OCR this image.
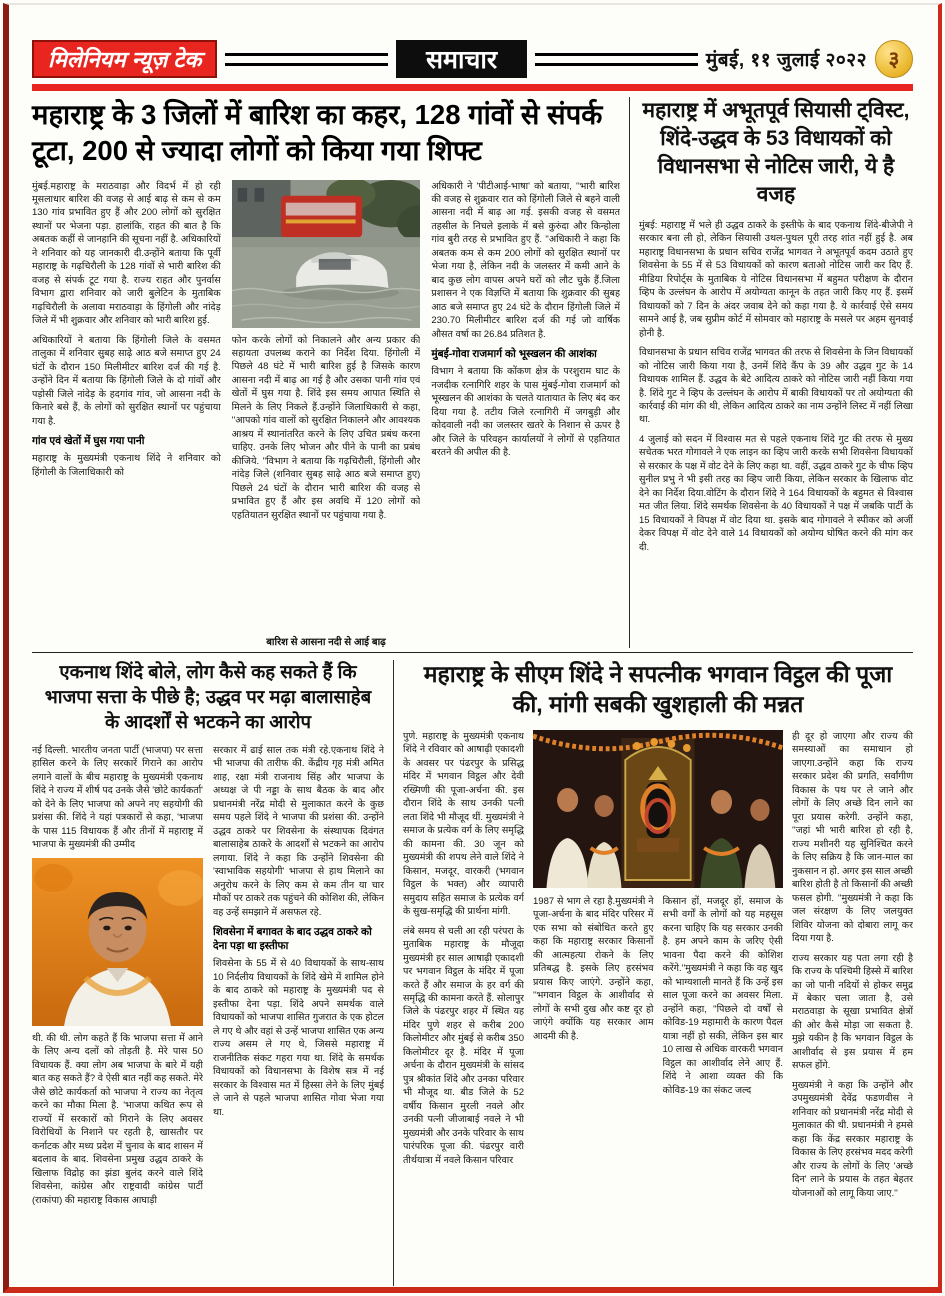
मिलेनियम न्यूज़ टेक	समाचार	मुंबई, ११ जुलाई २०२२	३
महाराष्ट्र के 3 जिलों में बारिश का कहर, 128 गांवों से संपर्क टूटा, 200 से ज्यादा लोगों को किया गया शिफ्ट

मुंबई.महाराष्ट्र के मराठवाड़ा और विदर्भ में हो रही मूसलाधार बारिश की वजह से आई बाढ़ से कम से कम 130 गांव प्रभावित हुए हैं और 200 लोगों को सुरक्षित स्थानों पर भेजना पड़ा. हालांकि, राहत की बात है कि अबतक कहीं से जानहानि की सूचना नहीं है. अधिकारियों ने शनिवार को यह जानकारी दी.उन्होंने बताया कि पूर्वी महाराष्ट्र के गढ़चिरौली के 128 गांवों से भारी बारिश की वजह से संपर्क टूट गया है. राज्य राहत और पुनर्वास विभाग द्वारा शनिवार को जारी बुलेटिन के मुताबिक गढ़चिरौली के अलावा मराठवाड़ा के हिंगोली और नांदेड़ जिले में भी शुक्रवार और शनिवार को भारी बारिश हुई.

अधिकारियों ने बताया कि हिंगोली जिले के वसमत तालुका में शनिवार सुबह साढ़े आठ बजे समाप्त हुए 24 घंटों के दौरान 150 मिलीमीटर बारिश दर्ज की गई है. उन्होंने दिन में बताया कि हिंगोली जिले के दो गांवों और पड़ोसी जिले नांदेड़ के हदगांव गांव, जो आसना नदी के किनारे बसे हैं, के लोगों को सुरक्षित स्थानों पर पहुंचाया गया है.

गांव एवं खेतों में घुस गया पानी

महाराष्ट्र के मुख्यमंत्री एकनाथ शिंदे ने शनिवार को हिंगोली के जिलाधिकारी को

फोन करके लोगों को निकालने और अन्य प्रकार की सहायता उपलब्ध कराने का निर्देश दिया. हिंगोली में पिछले 48 घंटे में भारी बारिश हुई है जिसके कारण आसना नदी में बाढ़ आ गई है और उसका पानी गांव एवं खेतों में घुस गया है. शिंदे इस समय आपात स्थिति से मिलने के लिए निकले हैं.उन्होंने जिलाधिकारी से कहा, ''आपको गांव वालों को सुरक्षित निकालने और आवश्यक आश्रय में स्थानांतरित करने के लिए उचित प्रबंध करना चाहिए. उनके लिए भोजन और पीने के पानी का प्रबंध कीजिये. ''विभाग ने बताया कि गढ़चिरौली, हिंगोली और नांदेड़ जिले (शनिवार सुबह साढ़े आठ बजे समाप्त हुए) पिछले 24 घंटों के दौरान भारी बारिश की वजह से प्रभावित हुए हैं और इस अवधि में 120 लोगों को एहतियातन सुरक्षित स्थानों पर पहुंचाया गया है.

बारिश से आसना नदी से आई बाढ़

अधिकारी ने 'पीटीआई-भाषा' को बताया, ''भारी बारिश की वजह से शुक्रवार रात को हिंगोली जिले से बहने वाली आसना नदी में बाढ़ आ गई. इसकी वजह से वसमत तहसील के निचले इलाके में बसे कुरुंदा और किन्होला गांव बुरी तरह से प्रभावित हुए हैं. ''अधिकारी ने कहा कि अबतक कम से कम 200 लोगों को सुरक्षित स्थानों पर भेजा गया है, लेकिन नदी के जलस्तर में कमी आने के बाद कुछ लोग वापस अपने घरों को लौट चुके हैं.जिला प्रशासन ने एक विज्ञप्ति में बताया कि शुक्रवार की सुबह आठ बजे समाप्त हुए 24 घंटे के दौरान हिंगोली जिले में 230.70 मिलीमीटर बारिश दर्ज की गई जो वार्षिक औसत वर्षा का 26.84 प्रतिशत है.

मुंबई-गोवा राजमार्ग को भूस्खलन की आशंका

विभाग ने बताया कि कोंकण क्षेत्र के परशुराम घाट के नजदीक रत्नागिरि शहर के पास मुंबई-गोवा राजमार्ग को भूस्खलन की आशंका के चलते यातायात के लिए बंद कर दिया गया है. तटीय जिले रत्नागिरी में जगबुड़ी और कोदवाली नदी का जलस्तर खतरे के निशान से ऊपर है और जिले के परिवहन कार्यालयों ने लोगों से एहतियात बरतने की अपील की है.

महाराष्ट्र में अभूतपूर्व सियासी ट्विस्ट, शिंदे-उद्धव के 53 विधायकों को विधानसभा से नोटिस जारी, ये है वजह

मुंबई: महाराष्ट्र में भले ही उद्धव ठाकरे के इस्तीफे के बाद एकनाथ शिंदे-बीजेपी ने सरकार बना ली हो, लेकिन सियासी उथल-पुथल पूरी तरह शांत नहीं हुई है. अब महाराष्ट्र विधानसभा के प्रधान सचिव राजेंद्र भागवत ने अभूतपूर्व कदम उठाते हुए शिवसेना के 55 में से 53 विधायकों को कारण बताओ नोटिस जारी कर दिए हैं. मीडिया रिपोर्ट्स के मुताबिक ये नोटिस विधानसभा में बहुमत परीक्षण के दौरान व्हिप के उल्लंघन के आरोप में अयोग्यता कानून के तहत जारी किए गए हैं. इसमें विधायकों को 7 दिन के अंदर जवाब देने को कहा गया है. ये कार्रवाई ऐसे समय सामने आई है, जब सुप्रीम कोर्ट में सोमवार को महाराष्ट्र के मसले पर अहम सुनवाई होनी है.

विधानसभा के प्रधान सचिव राजेंद्र भागवत की तरफ से शिवसेना के जिन विधायकों को नोटिस जारी किया गया है, उनमें शिंदे कैंप के 39 और उद्धव गुट के 14 विधायक शामिल हैं. उद्धव के बेटे आदित्य ठाकरे को नोटिस जारी नहीं किया गया है. शिंदे गुट ने व्हिप के उल्लंघन के आरोप में बाकी विधायकों पर तो अयोग्यता की कार्रवाई की मांग की थी, लेकिन आदित्य ठाकरे का नाम उन्होंने लिस्ट में नहीं लिखा था.

4 जुलाई को सदन में विश्वास मत से पहले एकनाथ शिंदे गुट की तरफ से मुख्य सचेतक भरत गोगावले ने एक लाइन का व्हिप जारी करके सभी शिवसेना विधायकों से सरकार के पक्ष में वोट देने के लिए कहा था. वहीं, उद्धव ठाकरे गुट के चीफ व्हिप सुनील प्रभु ने भी इसी तरह का व्हिप जारी किया, लेकिन सरकार के खिलाफ वोट देने का निर्देश दिया.वोटिंग के दौरान शिंदे ने 164 विधायकों के बहुमत से विश्वास मत जीत लिया. शिंदे समर्थक शिवसेना के 40 विधायकों ने पक्ष में जबकि पार्टी के 15 विधायकों ने विपक्ष में वोट दिया था. इसके बाद गोगावले ने स्पीकर को अर्जी देकर विपक्ष में वोट देने वाले 14 विधायकों को अयोग्य घोषित करने की मांग कर दी.

एकनाथ शिंदे बोले, लोग कैसे कह सकते हैं कि भाजपा सत्ता के पीछे है; उद्धव पर मढ़ा बालासाहेब के आदर्शों से भटकने का आरोप

नई दिल्ली. भारतीय जनता पार्टी (भाजपा) पर सत्ता हासिल करने के लिए सरकारें गिराने का आरोप लगाने वालों के बीच महाराष्ट्र के मुख्यमंत्री एकनाथ शिंदे ने राज्य में शीर्ष पद उनके जैसे 'छोटे कार्यकर्ता' को देने के लिए भाजपा को अपने नए सहयोगी की प्रशंसा की. शिंदे ने यहां पत्रकारों से कहा, 'भाजपा के पास 115 विधायक हैं और तीनों में महाराष्ट्र में भाजपा के मुख्यमंत्री की उम्मीद

थी. की थी. लोग कहते हैं कि भाजपा सत्ता में आने के लिए अन्य दलों को तोड़ती है. मेरे पास 50 विधायक हैं. क्या लोग अब भाजपा के बारे में यही बात कह सकते हैं? वे ऐसी बात नहीं कह सकते. मेरे जैसे छोटे कार्यकर्ता को भाजपा ने राज्य का नेतृत्व करने का मौका मिला है. 'भाजपा कथित रूप से राज्यों में सरकारों को गिराने के लिए अवसर विरोधियों के निशाने पर रहती है, खासतौर पर कर्नाटक और मध्य प्रदेश में चुनाव के बाद शासन में बदलाव के बाद. शिवसेना प्रमुख उद्धव ठाकरे के खिलाफ विद्रोह का झंडा बुलंद करने वाले शिंदे शिवसेना, कांग्रेस और राष्ट्रवादी कांग्रेस पार्टी (राकांपा) की महाराष्ट्र विकास आघाड़ी

सरकार में ढाई साल तक मंत्री रहे.एकनाथ शिंदे ने भी भाजपा की तारीफ की. केंद्रीय गृह मंत्री अमित शाह, रक्षा मंत्री राजनाथ सिंह और भाजपा के अध्यक्ष जे पी नड्डा के साथ बैठक के बाद और प्रधानमंत्री नरेंद्र मोदी से मुलाकात करने के कुछ समय पहले शिंदे ने भाजपा की प्रशंसा की. उन्होंने उद्धव ठाकरे पर शिवसेना के संस्थापक दिवंगत बालासाहेब ठाकरे के आदर्शों से भटकने का आरोप लगाया. शिंदे ने कहा कि उन्होंने शिवसेना की 'स्वाभाविक सहयोगी' भाजपा से हाथ मिलाने का अनुरोध करने के लिए कम से कम तीन या चार मौकों पर ठाकरे तक पहुंचने की कोशिश की, लेकिन वह उन्हें समझाने में असफल रहे.

शिवसेना में बगावत के बाद उद्धव ठाकरे को देना पड़ा था इस्तीफा

शिवसेना के 55 में से 40 विधायकों के साथ-साथ 10 निर्दलीय विधायकों के शिंदे खेमे में शामिल होने के बाद ठाकरे को महाराष्ट्र के मुख्यमंत्री पद से इस्तीफा देना पड़ा. शिंदे अपने समर्थक वाले विधायकों को भाजपा शासित गुजरात के एक होटल ले गए थे और वहां से उन्हें भाजपा शासित एक अन्य राज्य असम ले गए थे, जिससे महाराष्ट्र में राजनीतिक संकट गहरा गया था. शिंदे के समर्थक विधायकों को विधानसभा के विशेष सत्र में नई सरकार के विश्वास मत में हिस्सा लेने के लिए मुंबई ले जाने से पहले भाजपा शासित गोवा भेजा गया था.

महाराष्ट्र के सीएम शिंदे ने सपत्नीक भगवान विट्ठल की पूजा की, मांगी सबकी खुशहाली की मन्नत

पुणे. महाराष्ट्र के मुख्यमंत्री एकनाथ शिंदे ने रविवार को आषाढ़ी एकादशी के अवसर पर पंढरपुर के प्रसिद्ध मंदिर में भगवान विट्ठल और देवी रख्मिणी की पूजा-अर्चना की. इस दौरान शिंदे के साथ उनकी पत्नी लता शिंदे भी मौजूद थीं. मुख्यमंत्री ने समाज के प्रत्येक वर्ग के लिए समृद्धि की कामना की. 30 जून को मुख्यमंत्री की शपथ लेने वाले शिंदे ने किसान, मजदूर, वारकरी (भगवान विट्ठल के भक्त) और व्यापारी समुदाय सहित समाज के प्रत्येक वर्ग के सुख-समृद्धि की प्रार्थना मांगी.

लंबे समय से चली आ रही परंपरा के मुताबिक महाराष्ट्र के मौजूदा मुख्यमंत्री हर साल आषाढ़ी एकादशी पर भगवान विट्ठल के मंदिर में पूजा करते हैं और समाज के हर वर्ग की समृद्धि की कामना करते हैं. सोलापुर जिले के पंढरपुर शहर में स्थित यह मंदिर पुणे शहर से करीब 200 किलोमीटर और मुंबई से करीब 350 किलोमीटर दूर है. मंदिर में पूजा अर्चना के दौरान मुख्यमंत्री के सांसद पुत्र श्रीकांत शिंदे और उनका परिवार भी मौजूद था. बीड जिले के 52 वर्षीय किसान मुरली नवले और उनकी पत्नी जीजाबाई नवले ने भी मुख्यमंत्री और उनके परिवार के साथ पारंपरिक पूजा की. पंढरपुर वारी तीर्थयात्रा में नवले किसान परिवार

1987 से भाग ले रहा है.मुख्यमंत्री ने पूजा-अर्चना के बाद मंदिर परिसर में एक सभा को संबोधित करते हुए कहा कि महाराष्ट्र सरकार किसानों की आत्महत्या रोकने के लिए प्रतिबद्ध है. इसके लिए हरसंभव प्रयास किए जाएंगे. उन्होंने कहा, ''भगवान विट्ठल के आशीर्वाद से लोगों के सभी दुख और कष्ट दूर हो जाएंगे क्योंकि यह सरकार आम आदमी की है.

किसान हों, मजदूर हों, समाज के सभी वर्गों के लोगों को यह महसूस करना चाहिए कि यह सरकार उनकी है. हम अपने काम के जरिए ऐसी भावना पैदा करने की कोशिश करेंगे.''मुख्यमंत्री ने कहा कि वह खुद को भाग्यशाली मानते हैं कि उन्हें इस साल पूजा करने का अवसर मिला. उन्होंने कहा, ''पिछले दो वर्षों से कोविड-19 महामारी के कारण पैदल यात्रा नहीं हो सकी, लेकिन इस बार 10 लाख से अधिक वारकरी भगवान विट्ठल का आशीर्वाद लेने आए हैं. शिंदे ने आशा व्यक्त की कि कोविड-19 का संकट जल्द

ही दूर हो जाएगा और राज्य की समस्याओं का समाधान हो जाएगा.उन्होंने कहा कि राज्य सरकार प्रदेश की प्रगति, सर्वांगीण विकास के पथ पर ले जाने और लोगों के लिए अच्छे दिन लाने का पूरा प्रयास करेगी. उन्होंने कहा, ''जहां भी भारी बारिश हो रही है, राज्य मशीनरी यह सुनिश्चित करने के लिए सक्रिय है कि जान-माल का नुकसान न हो. अगर इस साल अच्छी बारिश होती है तो किसानों की अच्छी फसल होगी. ''मुख्यमंत्री ने कहा कि जल संरक्षण के लिए जलयुक्त शिविर योजना को दोबारा लागू कर दिया गया है.

राज्य सरकार यह पता लगा रही है कि राज्य के पश्चिमी हिस्से में बारिश का जो पानी नदियों से होकर समुद्र में बेकार चला जाता है, उसे मराठवाड़ा के सूखा प्रभावित क्षेत्रों की ओर कैसे मोड़ा जा सकता है. मुझे यकीन है कि भगवान विट्ठल के आशीर्वाद से इस प्रयास में हम सफल होंगे.

मुख्यमंत्री ने कहा कि उन्होंने और उपमुख्यमंत्री देवेंद्र फडणवीस ने शनिवार को प्रधानमंत्री नरेंद्र मोदी से मुलाकात की थी. प्रधानमंत्री ने हमसे कहा कि केंद्र सरकार महाराष्ट्र के विकास के लिए हरसंभव मदद करेगी और राज्य के लोगों के लिए 'अच्छे दिन' लाने के प्रयास के तहत बेहतर योजनाओं को लागू किया जाए.''
